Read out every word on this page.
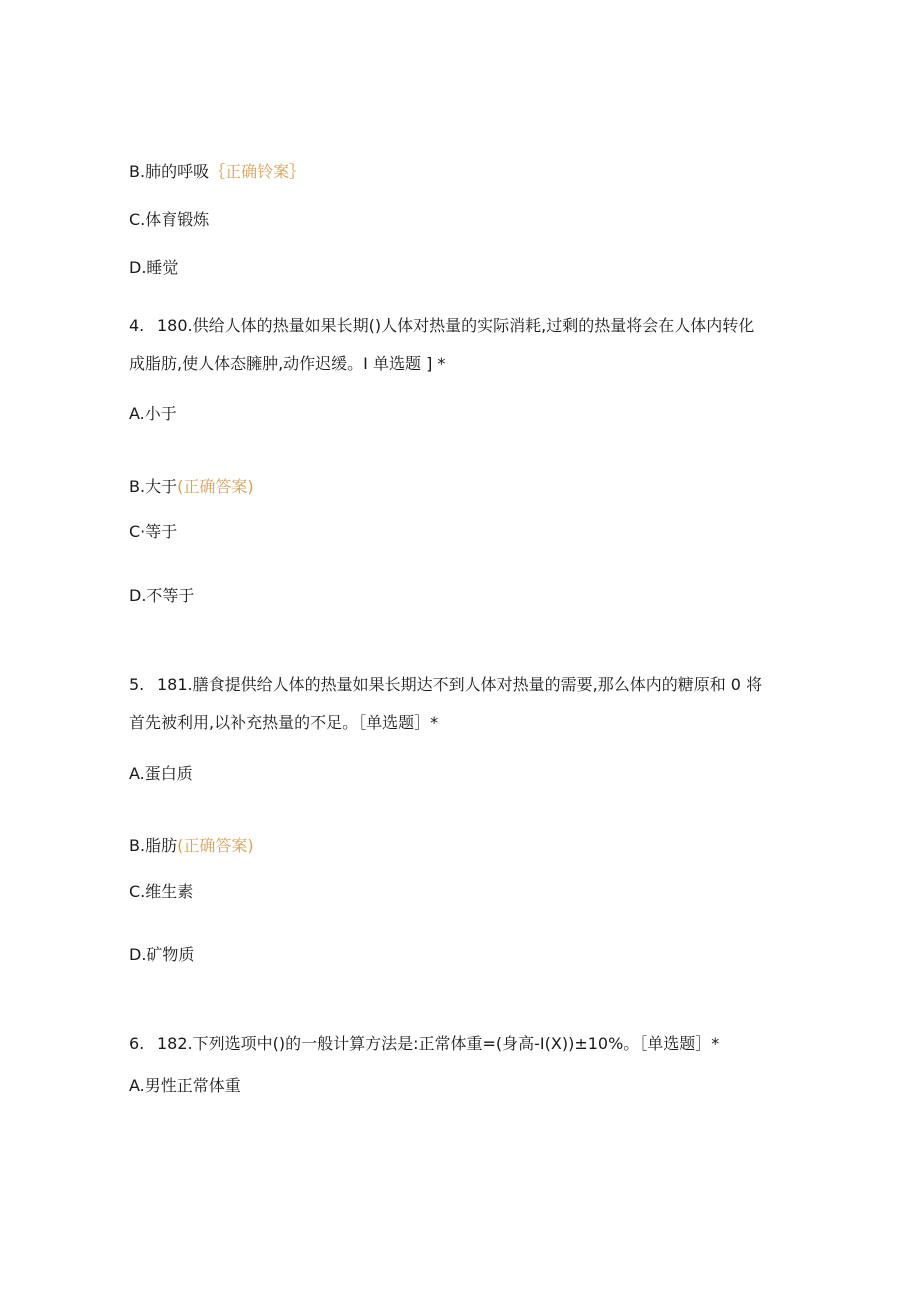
B.肺的呼吸｛正确铃案｝
C.体育锻炼
D.睡觉
4. 180.供给人体的热量如果长期()人体对热量的实际消耗,过剩的热量将会在人体内转化
成脂肪,使人体态臃肿,动作迟缓。I 单选题 ] *
A.小于
B.大于(正确答案)
C·等于
D.不等于
5. 181.膳食提供给人体的热量如果长期达不到人体对热量的需要,那么体内的糖原和 0 将
首先被利用,以补充热量的不足。［单选题］*
A.蛋白质
B.脂肪(正确答案)
C.维生素
D.矿物质
6. 182.下列选项中()的一般计算方法是:正常体重=(身高-I(X))±10%。［单选题］*
A.男性正常体重
